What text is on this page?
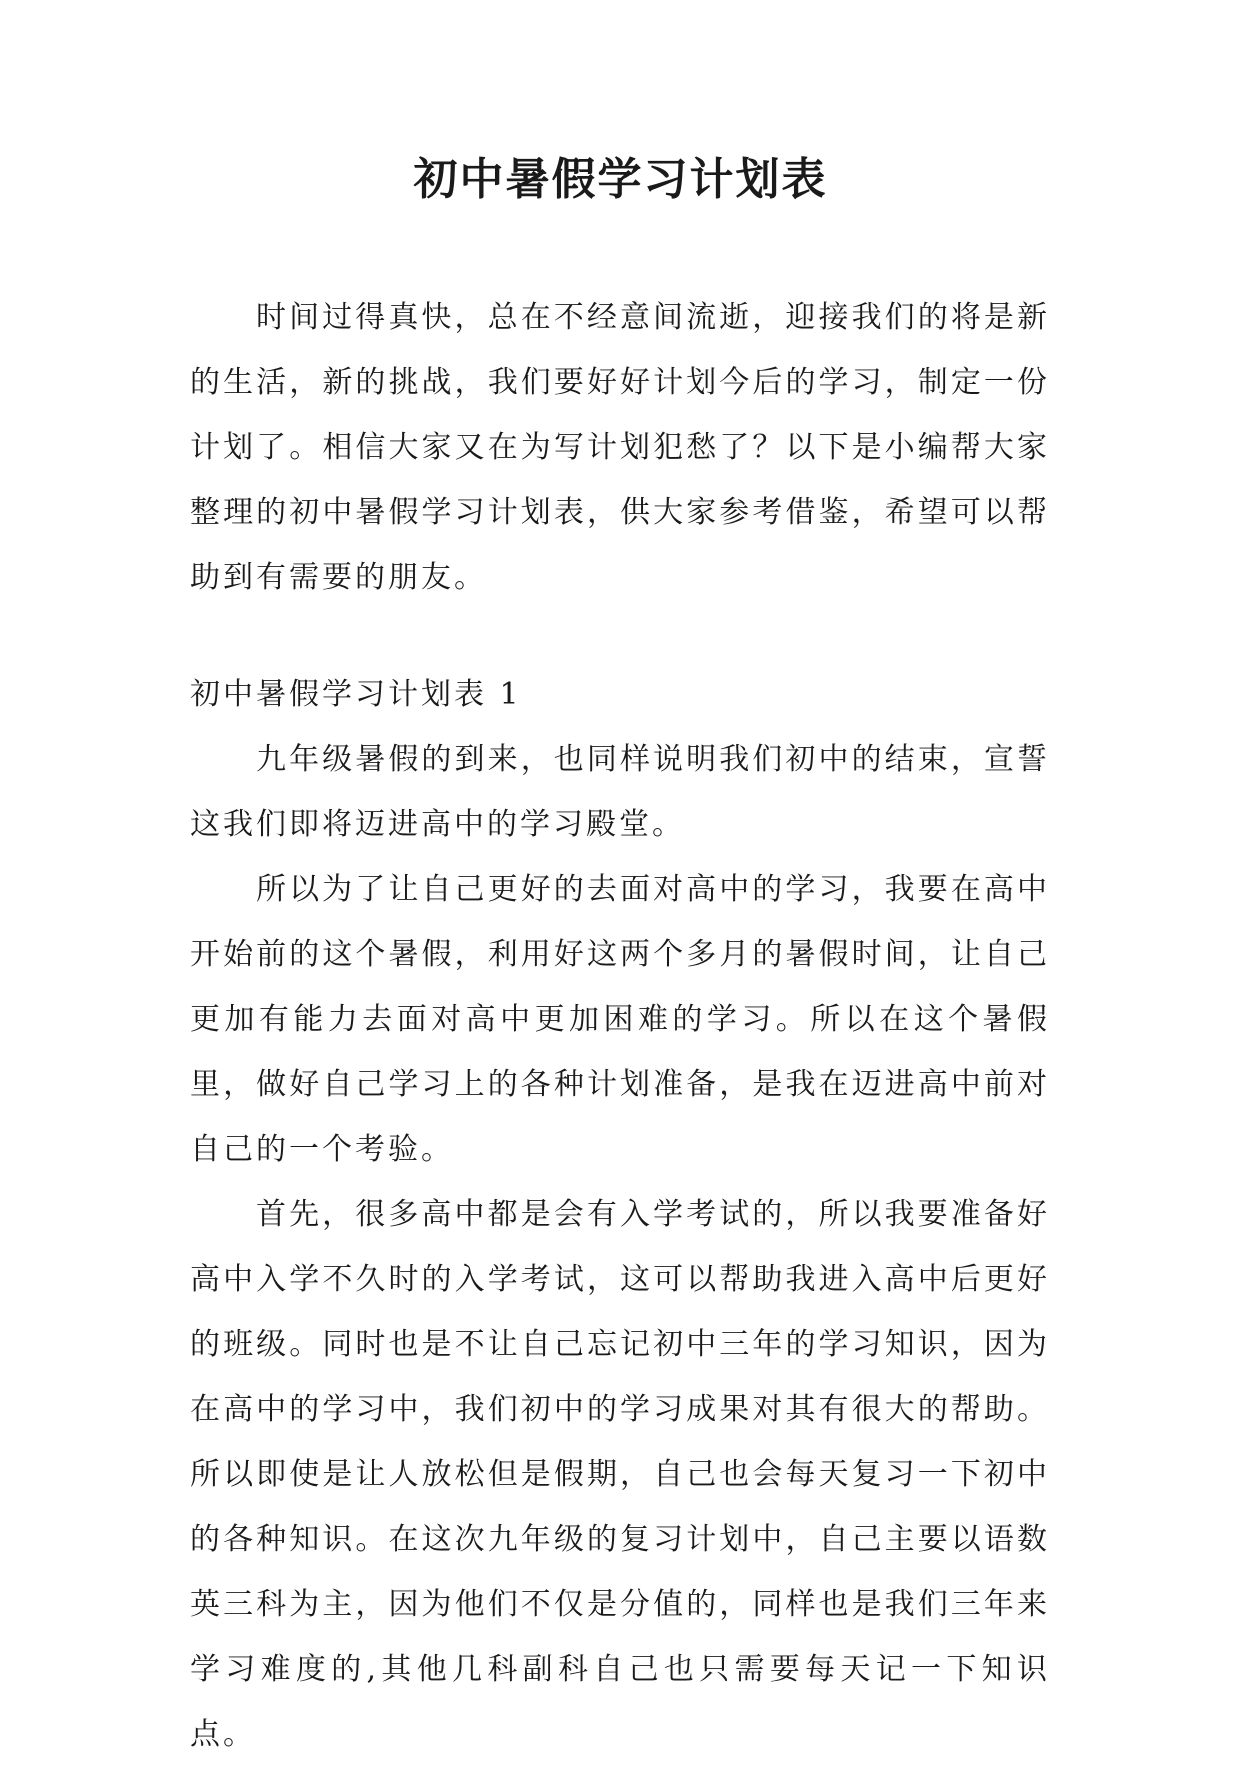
初中暑假学习计划表

时间过得真快，总在不经意间流逝，迎接我们的将是新的生活，新的挑战，我们要好好计划今后的学习，制定一份计划了。相信大家又在为写计划犯愁了？以下是小编帮大家整理的初中暑假学习计划表，供大家参考借鉴，希望可以帮助到有需要的朋友。

初中暑假学习计划表 1

九年级暑假的到来，也同样说明我们初中的结束，宣誓这我们即将迈进高中的学习殿堂。

所以为了让自己更好的去面对高中的学习，我要在高中开始前的这个暑假，利用好这两个多月的暑假时间，让自己更加有能力去面对高中更加困难的学习。所以在这个暑假里，做好自己学习上的各种计划准备，是我在迈进高中前对自己的一个考验。

首先，很多高中都是会有入学考试的，所以我要准备好高中入学不久时的入学考试，这可以帮助我进入高中后更好的班级。同时也是不让自己忘记初中三年的学习知识，因为在高中的学习中，我们初中的学习成果对其有很大的帮助。所以即使是让人放松但是假期，自己也会每天复习一下初中的各种知识。在这次九年级的复习计划中，自己主要以语数英三科为主，因为他们不仅是分值的，同样也是我们三年来学习难度的,其他几科副科自己也只需要每天记一下知识点。
